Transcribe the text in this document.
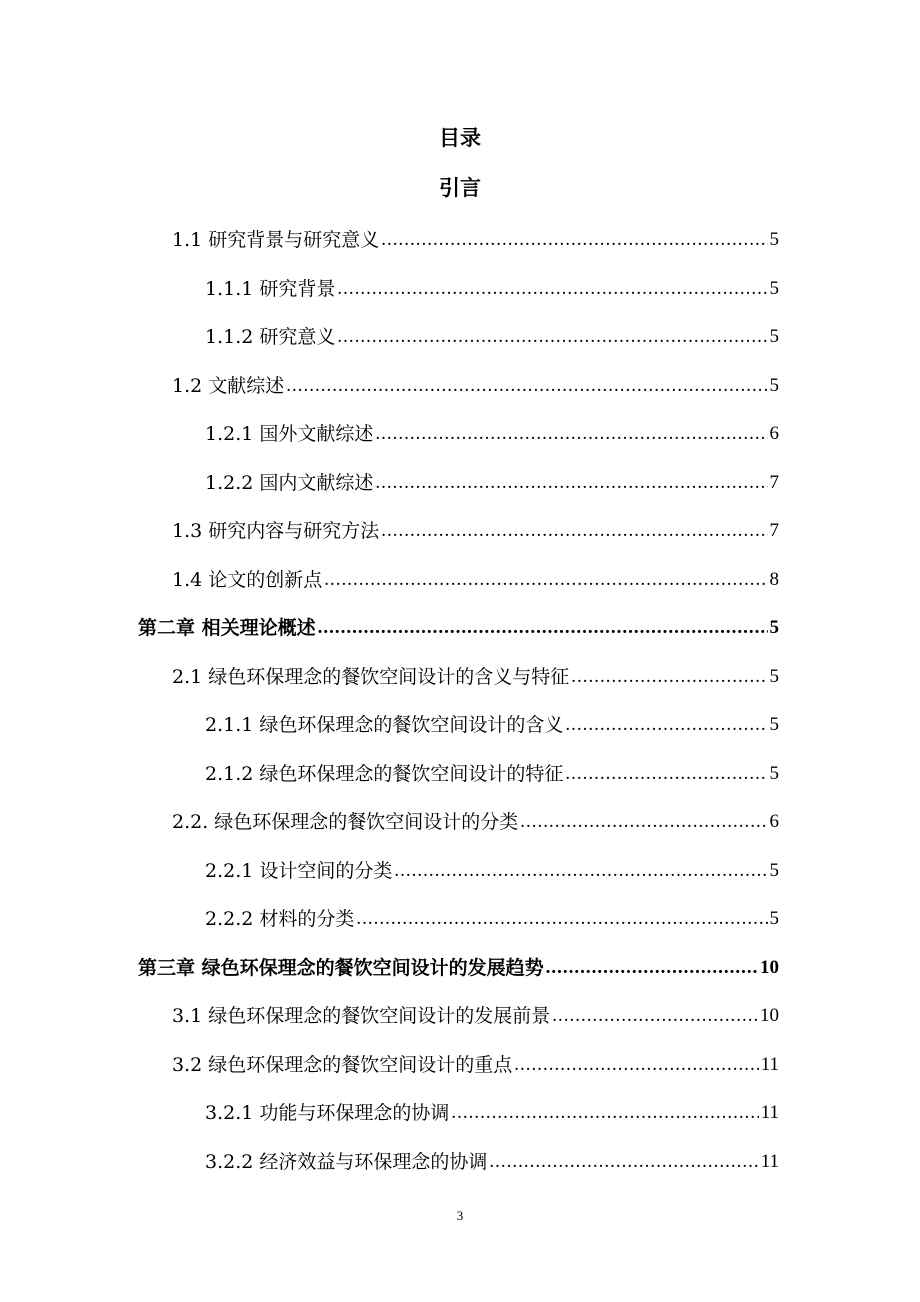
目录
引言
1.1 研究背景与研究意义 .....	5
1.1.1 研究背景 .....	5
1.1.2 研究意义 .....	5
1.2 文献综述 .....	5
1.2.1 国外文献综述 .....	6
1.2.2 国内文献综述 .....	7
1.3 研究内容与研究方法 .....	7
1.4 论文的创新点 .....	8
第二章 相关理论概述 .....	5
2.1 绿色环保理念的餐饮空间设计的含义与特征 .....	5
2.1.1 绿色环保理念的餐饮空间设计的含义 .....	5
2.1.2 绿色环保理念的餐饮空间设计的特征 .....	5
2.2. 绿色环保理念的餐饮空间设计的分类 .....	6
2.2.1 设计空间的分类 .....	5
2.2.2 材料的分类 .....	5
第三章 绿色环保理念的餐饮空间设计的发展趋势 .....	10
3.1 绿色环保理念的餐饮空间设计的发展前景 .....	10
3.2 绿色环保理念的餐饮空间设计的重点 .....	11
3.2.1 功能与环保理念的协调 .....	11
3.2.2 经济效益与环保理念的协调 .....	11
3
